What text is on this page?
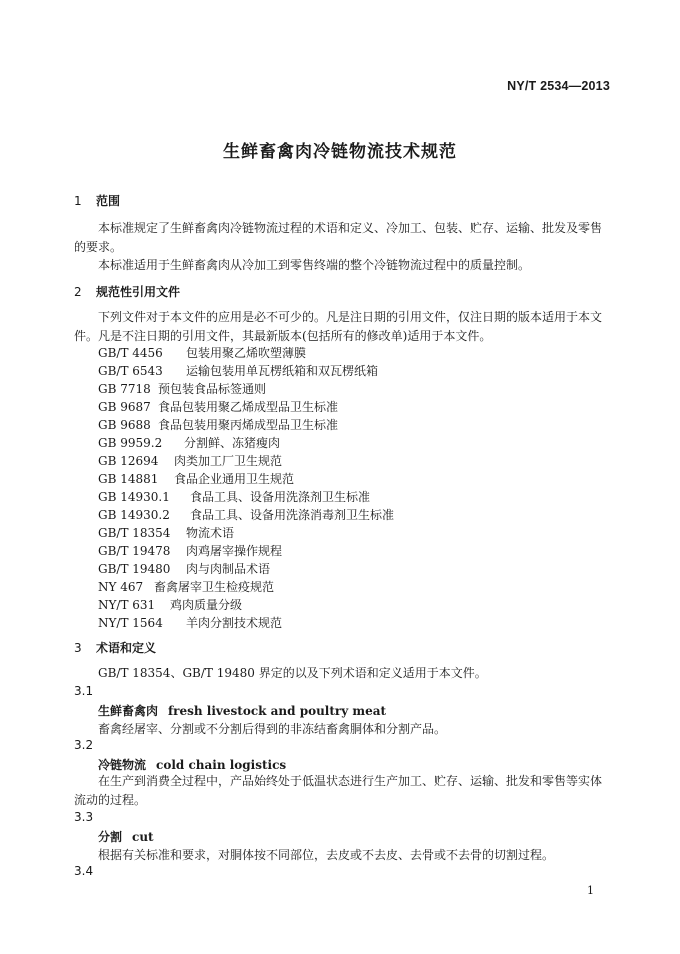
NY/T 2534—2013
生鲜畜禽肉冷链物流技术规范
1 范围

本标准规定了生鲜畜禽肉冷链物流过程的术语和定义、冷加工、包装、贮存、运输、批发及零售的要求。

本标准适用于生鲜畜禽肉从冷加工到零售终端的整个冷链物流过程中的质量控制。

2 规范性引用文件

下列文件对于本文件的应用是必不可少的。凡是注日期的引用文件，仅注日期的版本适用于本文件。凡是不注日期的引用文件，其最新版本(包括所有的修改单)适用于本文件。

GB/T 4456 包装用聚乙烯吹塑薄膜
GB/T 6543 运输包装用单瓦楞纸箱和双瓦楞纸箱
GB 7718 预包装食品标签通则
GB 9687 食品包装用聚乙烯成型品卫生标准
GB 9688 食品包装用聚丙烯成型品卫生标准
GB 9959.2 分割鲜、冻猪瘦肉
GB 12694 肉类加工厂卫生规范
GB 14881 食品企业通用卫生规范
GB 14930.1 食品工具、设备用洗涤剂卫生标准
GB 14930.2 食品工具、设备用洗涤消毒剂卫生标准
GB/T 18354 物流术语
GB/T 19478 肉鸡屠宰操作规程
GB/T 19480 肉与肉制品术语
NY 467 畜禽屠宰卫生检疫规范
NY/T 631 鸡肉质量分级
NY/T 1564 羊肉分割技术规范
3 术语和定义

GB/T 18354、GB/T 19480 界定的以及下列术语和定义适用于本文件。

3.1
生鲜畜禽肉 fresh livestock and poultry meat
畜禽经屠宰、分割或不分割后得到的非冻结畜禽胴体和分割产品。
3.2
冷链物流 cold chain logistics

在生产到消费全过程中，产品始终处于低温状态进行生产加工、贮存、运输、批发和零售等实体流动的过程。

3.3
分割 cut
根据有关标准和要求，对胴体按不同部位，去皮或不去皮、去骨或不去骨的切割过程。
3.4
1
